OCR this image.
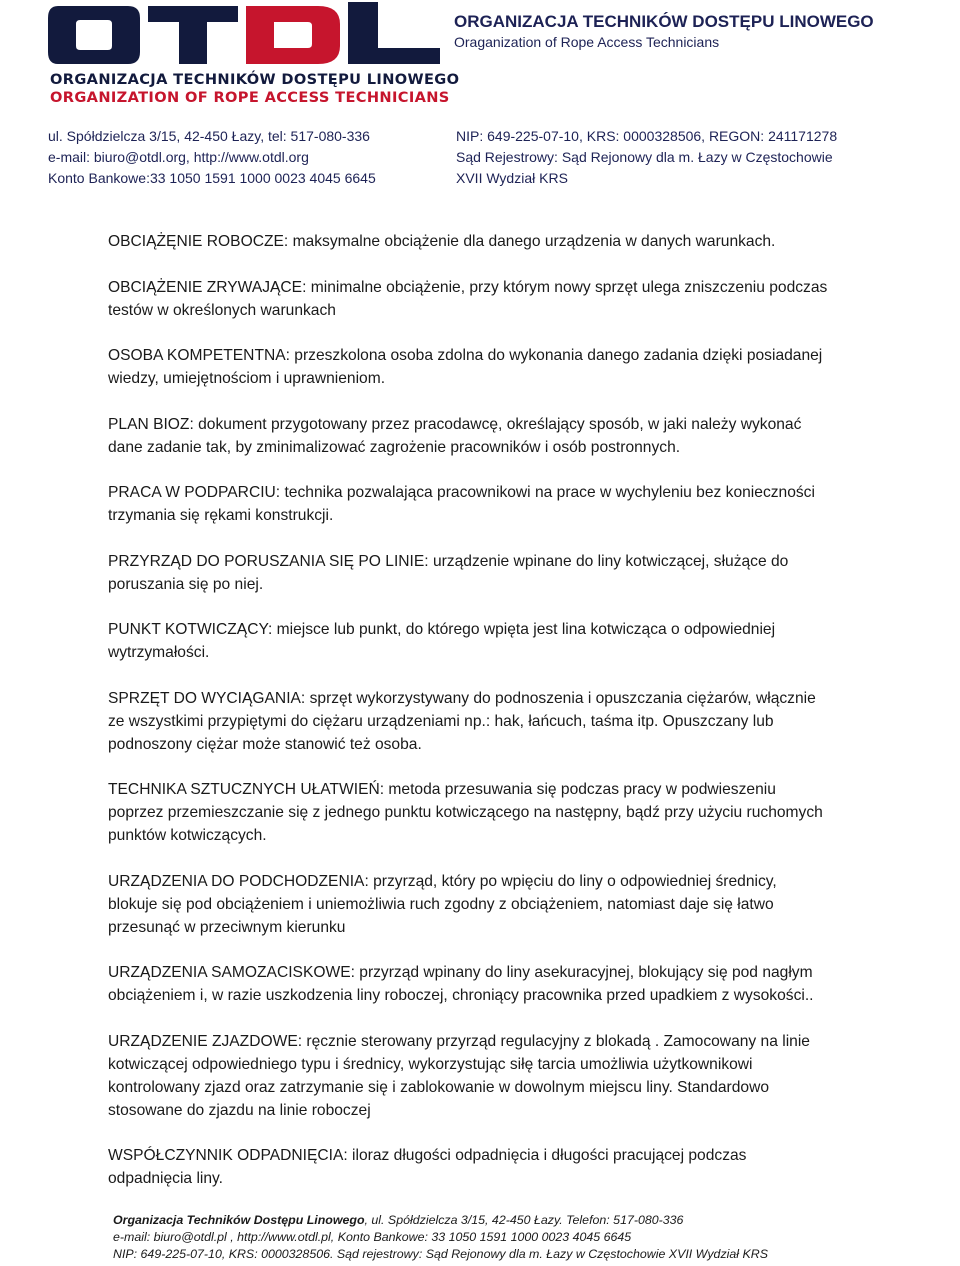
ORGANIZACJA TECHNIKÓW DOSTĘPU LINOWEGO
ORGANIZATION OF ROPE ACCESS TECHNICIANS
ORGANIZACJA TECHNIKÓW DOSTĘPU LINOWEGO
Oraganization of Rope Access Technicians
ul. Spółdzielcza 3/15, 42-450 Łazy, tel: 517-080-336
e-mail: biuro@otdl.org, http://www.otdl.org
Konto Bankowe:33 1050 1591 1000 0023 4045 6645
NIP: 649-225-07-10, KRS: 0000328506, REGON: 241171278
Sąd Rejestrowy: Sąd Rejonowy dla m. Łazy w Częstochowie
XVII Wydział KRS

OBCIĄŻĘNIE ROBOCZE: maksymalne obciążenie dla danego urządzenia w danych warunkach.

OBCIĄŻENIE ZRYWAJĄCE: minimalne obciążenie, przy którym nowy sprzęt ulega zniszczeniu podczas testów w określonych warunkach

OSOBA KOMPETENTNA: przeszkolona osoba zdolna do wykonania danego zadania dzięki posiadanej wiedzy, umiejętnościom i uprawnieniom.

PLAN BIOZ: dokument przygotowany przez pracodawcę, określający sposób, w jaki należy wykonać dane zadanie tak, by zminimalizować zagrożenie pracowników i osób postronnych.

PRACA W PODPARCIU: technika pozwalająca pracownikowi na prace w wychyleniu bez konieczności trzymania się rękami konstrukcji.

PRZYRZĄD DO PORUSZANIA SIĘ PO LINIE: urządzenie wpinane do liny kotwiczącej, służące do poruszania się po niej.

PUNKT KOTWICZĄCY: miejsce lub punkt, do którego wpięta jest lina kotwicząca o odpowiedniej wytrzymałości.

SPRZĘT DO WYCIĄGANIA: sprzęt wykorzystywany do podnoszenia i opuszczania ciężarów, włącznie ze wszystkimi przypiętymi do ciężaru urządzeniami np.: hak, łańcuch, taśma itp. Opuszczany lub podnoszony ciężar może stanowić też osoba.

TECHNIKA SZTUCZNYCH UŁATWIEŃ: metoda przesuwania się podczas pracy w podwieszeniu poprzez przemieszczanie się z jednego punktu kotwiczącego na następny, bądź przy użyciu ruchomych punktów kotwiczących.

URZĄDZENIA DO PODCHODZENIA: przyrząd, który po wpięciu do liny o odpowiedniej średnicy, blokuje się pod obciążeniem i uniemożliwia ruch zgodny z obciążeniem, natomiast daje się łatwo przesunąć w przeciwnym kierunku

URZĄDZENIA SAMOZACISKOWE: przyrząd wpinany do liny asekuracyjnej, blokujący się pod nagłym obciążeniem i, w razie uszkodzenia liny roboczej, chroniący pracownika przed upadkiem z wysokości..

URZĄDZENIE ZJAZDOWE: ręcznie sterowany przyrząd regulacyjny z blokadą . Zamocowany na linie kotwiczącej odpowiedniego typu i średnicy, wykorzystując siłę tarcia umożliwia użytkownikowi kontrolowany zjazd oraz zatrzymanie się i zablokowanie w dowolnym miejscu liny. Standardowo stosowane do zjazdu na linie roboczej

WSPÓŁCZYNNIK ODPADNIĘCIA: iloraz długości odpadnięcia i długości pracującej podczas odpadnięcia liny.

Organizacja Techników Dostępu Linowego, ul. Spółdzielcza 3/15, 42-450 Łazy. Telefon: 517-080-336
e-mail: biuro@otdl.pl , http://www.otdl.pl, Konto Bankowe: 33 1050 1591 1000 0023 4045 6645
NIP: 649-225-07-10, KRS: 0000328506. Sąd rejestrowy: Sąd Rejonowy dla m. Łazy w Częstochowie XVII Wydział KRS
